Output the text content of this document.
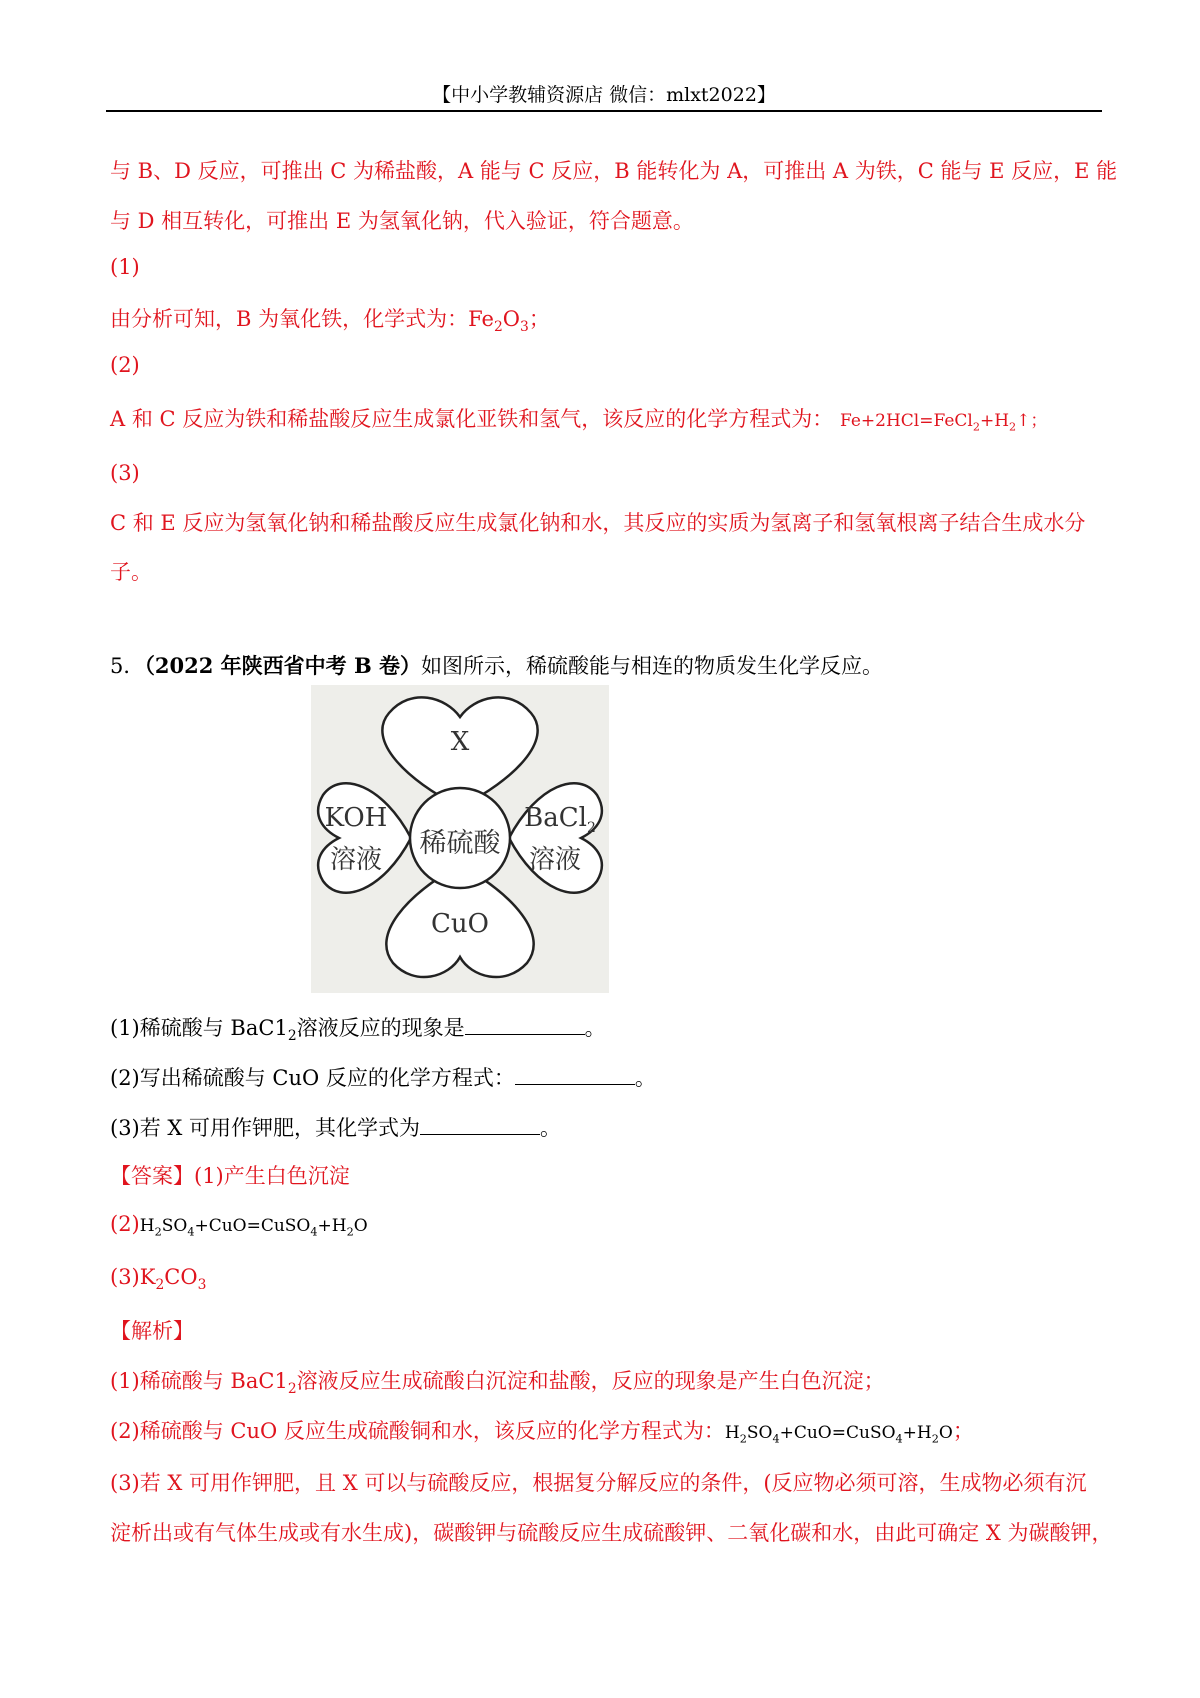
【中小学教辅资源店 微信：mlxt2022】
与 B、D 反应，可推出 C 为稀盐酸，A 能与 C 反应，B 能转化为 A，可推出 A 为铁，C 能与 E 反应，E 能
与 D 相互转化，可推出 E 为氢氧化钠，代入验证，符合题意。
(1)
由分析可知，B 为氧化铁，化学式为：$Fe_2O_3$；
(2)
A 和 C 反应为铁和稀盐酸反应生成氯化亚铁和氢气，该反应的化学方程式为： $Fe+2HCl=FeCl_2+H_2↑$；
(3)
C 和 E 反应为氢氧化钠和稀盐酸反应生成氯化钠和水，其反应的实质为氢离子和氢氧根离子结合生成水分
子。
5．（2022 年陕西省中考 B 卷）如图所示，稀硫酸能与相连的物质发生化学反应。
稀硫酸
X
KOH
溶液
BaCl$_2$
溶液
CuO
(1)稀硫酸与 $BaC1_2$溶液反应的现象是	。
(2)写出稀硫酸与 CuO 反应的化学方程式：	。
(3)若 X 可用作钾肥，其化学式为	。
【答案】(1)产生白色沉淀
$(2)H_2SO_4+CuO=CuSO_4+H_2O$
$(3)K_2CO_3$
【解析】
(1)稀硫酸与 $BaC1_2$溶液反应生成硫酸白沉淀和盐酸，反应的现象是产生白色沉淀；
(2)稀硫酸与 CuO 反应生成硫酸铜和水，该反应的化学方程式为：$H_2SO_4+CuO=CuSO_4+H_2O$；
(3)若 X 可用作钾肥，且 X 可以与硫酸反应，根据复分解反应的条件，(反应物必须可溶，生成物必须有沉
淀析出或有气体生成或有水生成)，碳酸钾与硫酸反应生成硫酸钾、二氧化碳和水，由此可确定 X 为碳酸钾，
